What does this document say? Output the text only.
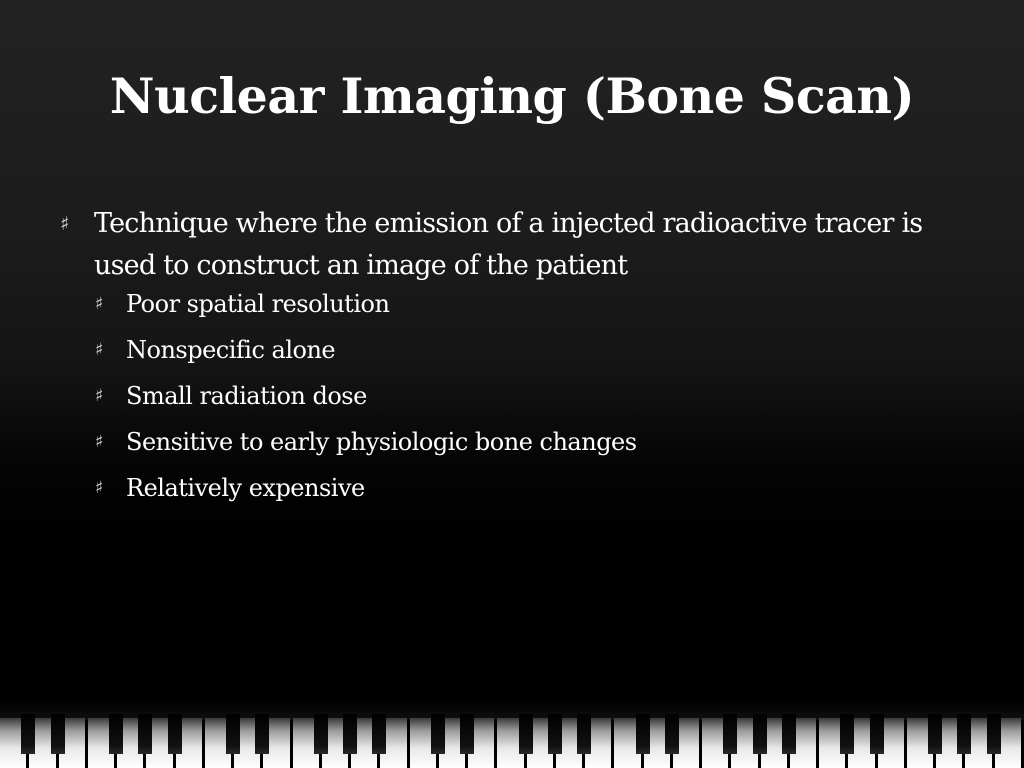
Nuclear Imaging (Bone Scan)
♯ Technique where the emission of a injected radioactive tracer is used to construct an image of the patient
♯ Poor spatial resolution
♯ Nonspecific alone
♯ Small radiation dose
♯ Sensitive to early physiologic bone changes
♯ Relatively expensive
